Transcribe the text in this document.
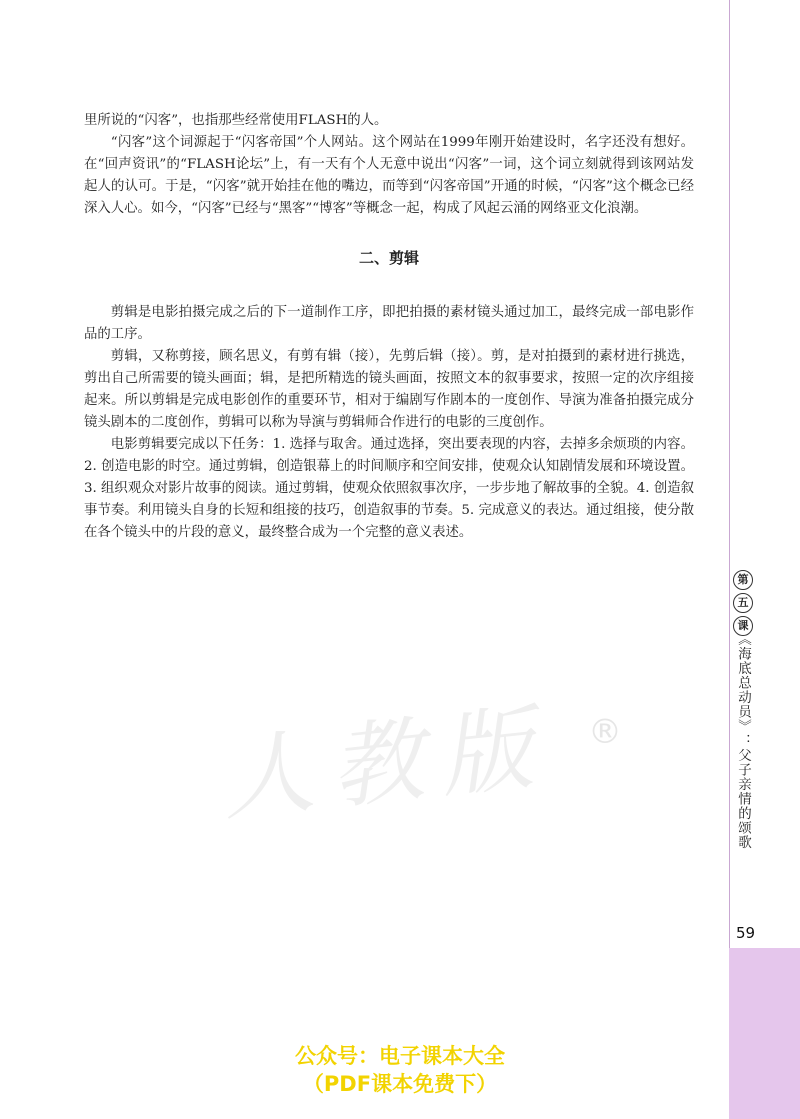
里所说的“闪客”，也指那些经常使用FLASH的人。

“闪客”这个词源起于“闪客帝国”个人网站。这个网站在1999年刚开始建设时，名字还没有想好。在“回声资讯”的“FLASH论坛”上，有一天有个人无意中说出“闪客”一词，这个词立刻就得到该网站发起人的认可。于是，“闪客”就开始挂在他的嘴边，而等到“闪客帝国”开通的时候，“闪客”这个概念已经深入人心。如今，“闪客”已经与“黑客”“博客”等概念一起，构成了风起云涌的网络亚文化浪潮。

二、剪辑

剪辑是电影拍摄完成之后的下一道制作工序，即把拍摄的素材镜头通过加工，最终完成一部电影作品的工序。

剪辑，又称剪接，顾名思义，有剪有辑（接），先剪后辑（接）。剪，是对拍摄到的素材进行挑选，剪出自己所需要的镜头画面；辑，是把所精选的镜头画面，按照文本的叙事要求，按照一定的次序组接起来。所以剪辑是完成电影创作的重要环节，相对于编剧写作剧本的一度创作、导演为准备拍摄完成分镜头剧本的二度创作，剪辑可以称为导演与剪辑师合作进行的电影的三度创作。

电影剪辑要完成以下任务：1. 选择与取舍。通过选择，突出要表现的内容，去掉多余烦琐的内容。2. 创造电影的时空。通过剪辑，创造银幕上的时间顺序和空间安排，使观众认知剧情发展和环境设置。3. 组织观众对影片故事的阅读。通过剪辑，使观众依照叙事次序，一步步地了解故事的全貌。4. 创造叙事节奏。利用镜头自身的长短和组接的技巧，创造叙事的节奏。5. 完成意义的表达。通过组接，使分散在各个镜头中的片段的意义，最终整合成为一个完整的意义表述。

第
五
课
《海底总动员》：父子亲情的颂歌
59
人教版 ®
公众号：电子课本大全
（PDF课本免费下）
